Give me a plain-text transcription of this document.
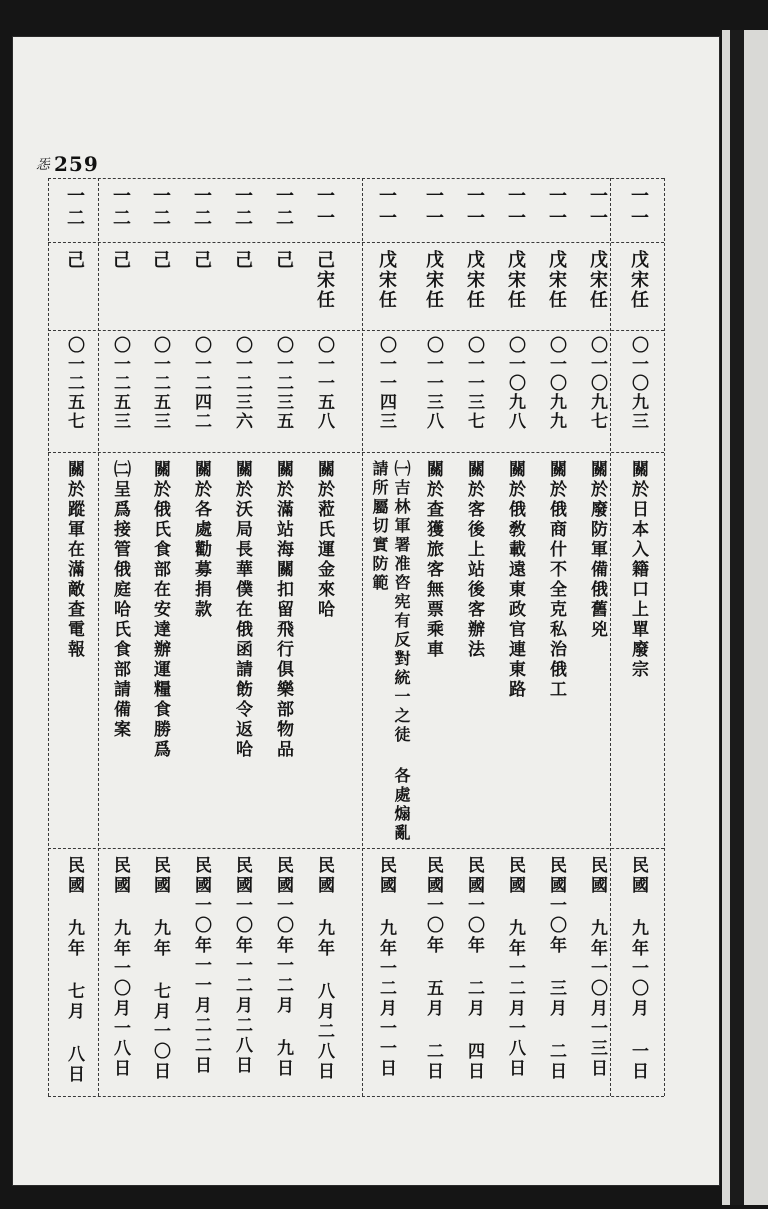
㤅 259
一一
戊宋任
〇一〇九三
關於日本入籍口上單廢宗
民國 九年一〇月 一日
一一
戊宋任
〇一〇九七
關於廢防軍備俄舊兇
民國 九年一〇月一三日
一一
戊宋任
〇一〇九九
關於俄商什不全克私治俄工
民國一〇年 三月 二日
一一
戊宋任
〇一〇九八
關於俄敎載遠東政官連東路
民國 九年一二月一八日
一一
戊宋任
〇一一三七
關於客後上站後客辦法
民國一〇年 二月 四日
一一
戊宋任
〇一一三八
關於查獲旅客無票乘車
民國一〇年 五月 二日
一一
戊宋任
〇一一四三
㈠吉林軍署准咨宪有反對統一之徒 各處煽亂請所屬切實防範
民國 九年一二月一一日
一一
己宋任
〇一一五八
關於蒞氏運金來哈
民國 九年 八月二八日
一二
己
〇一二三五
關於滿站海關扣留飛行俱樂部物品
民國一〇年一二月 九日
一二
己
〇一二三六
關於沃局長華僕在俄函請飭令返哈
民國一〇年一二月二八日
一二
己
〇一二四二
關於各處勸募捐款
民國一〇年一一月二二日
一二
己
〇一二五三
關於俄氏食部在安達辦運糧食勝爲
民國 九年 七月一〇日
一二
己
〇一二五三
㈡呈爲接管俄庭哈氏食部請備案
民國 九年一〇月一八日
一二
己
〇一二五七
關於蹤軍在滿敵查電報
民國 九年 七月 八日
